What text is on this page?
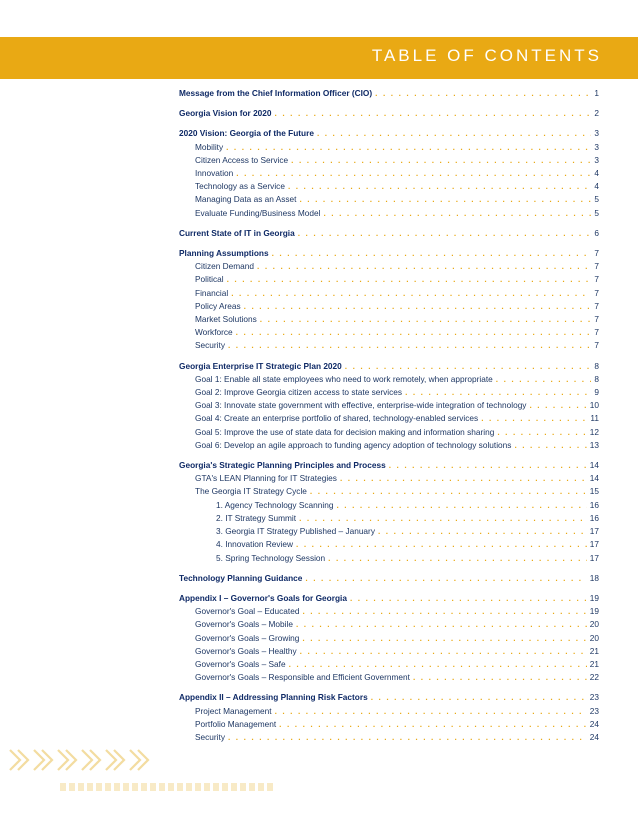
TABLE OF CONTENTS
Message from the Chief Information Officer (CIO) . . .	1
Georgia Vision for 2020 . . .	2
2020 Vision: Georgia of the Future . . .	3
Mobility . . .	3
Citizen Access to Service . . .	3
Innovation . . .	4
Technology as a Service . . .	4
Managing Data as an Asset . . .	5
Evaluate Funding/Business Model . . .	5
Current State of IT in Georgia . . .	6
Planning Assumptions . . .	7
Citizen Demand . . .	7
Political . . .	7
Financial . . .	7
Policy Areas . . .	7
Market Solutions . . .	7
Workforce . . .	7
Security . . .	7
Georgia Enterprise IT Strategic Plan 2020 . . .	8
Goal 1: Enable all state employees who need to work remotely, when appropriate . . .	8
Goal 2: Improve Georgia citizen access to state services . . .	9
Goal 3: Innovate state government with effective, enterprise-wide integration of technology . . .	10
Goal 4: Create an enterprise portfolio of shared, technology-enabled services . . .	11
Goal 5: Improve the use of state data for decision making and information sharing . . .	12
Goal 6: Develop an agile approach to funding agency adoption of technology solutions . . .	13
Georgia's Strategic Planning Principles and Process . . .	14
GTA's LEAN Planning for IT Strategies . . .	14
The Georgia IT Strategy Cycle . . .	15
1. Agency Technology Scanning . . .	16
2. IT Strategy Summit . . .	16
3. Georgia IT Strategy Published – January . . .	17
4. Innovation Review . . .	17
5. Spring Technology Session . . .	17
Technology Planning Guidance . . .	18
Appendix I – Governor's Goals for Georgia . . .	19
Governor's Goal – Educated . . .	19
Governor's Goals – Mobile . . .	20
Governor's Goals – Growing . . .	20
Governor's Goals – Healthy . . .	21
Governor's Goals – Safe . . .	21
Governor's Goals – Responsible and Efficient Government . . .	22
Appendix II – Addressing Planning Risk Factors . . .	23
Project Management . . .	23
Portfolio Management . . .	24
Security . . .	24
